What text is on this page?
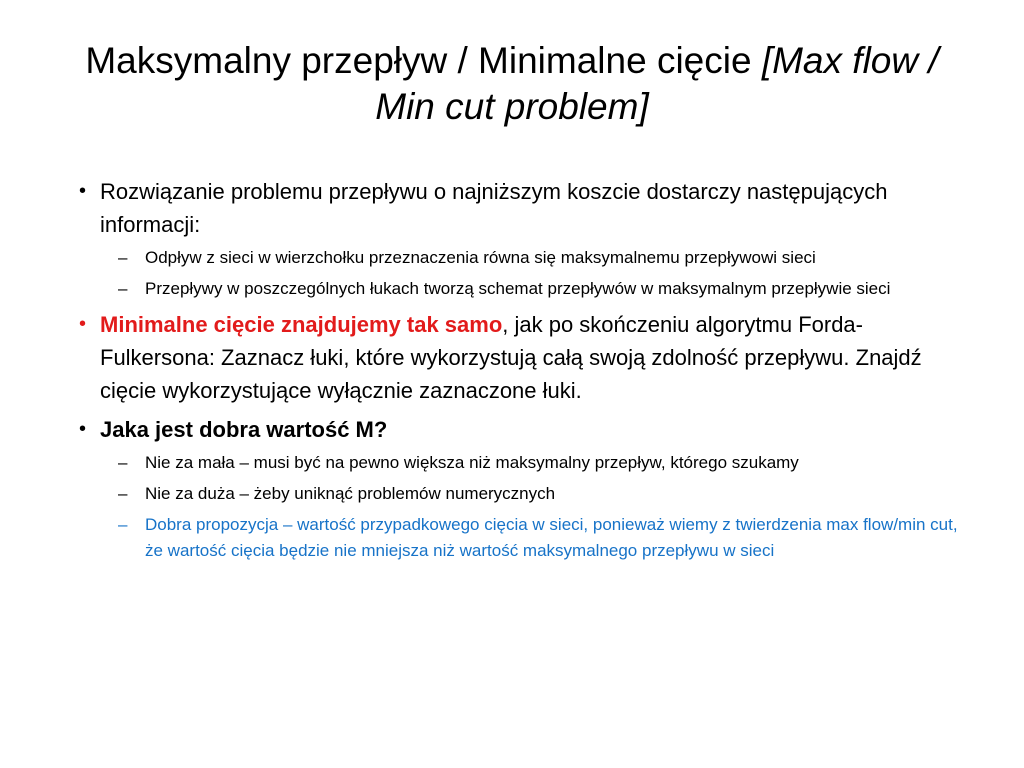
Maksymalny przepływ / Minimalne cięcie [Max flow / Min cut problem]
• Rozwiązanie problemu przepływu o najniższym koszcie dostarczy następujących informacji:
– Odpływ z sieci w wierzchołku przeznaczenia równa się maksymalnemu przepływowi sieci
– Przepływy w poszczególnych łukach tworzą schemat przepływów w maksymalnym przepływie sieci
• Minimalne cięcie znajdujemy tak samo, jak po skończeniu algorytmu Forda-Fulkersona: Zaznacz łuki, które wykorzystują całą swoją zdolność przepływu. Znajdź cięcie wykorzystujące wyłącznie zaznaczone łuki.
• Jaka jest dobra wartość M?
– Nie za mała – musi być na pewno większa niż maksymalny przepływ, którego szukamy
– Nie za duża – żeby uniknąć problemów numerycznych
– Dobra propozycja – wartość przypadkowego cięcia w sieci, ponieważ wiemy z twierdzenia max flow/min cut, że wartość cięcia będzie nie mniejsza niż wartość maksymalnego przepływu w sieci
